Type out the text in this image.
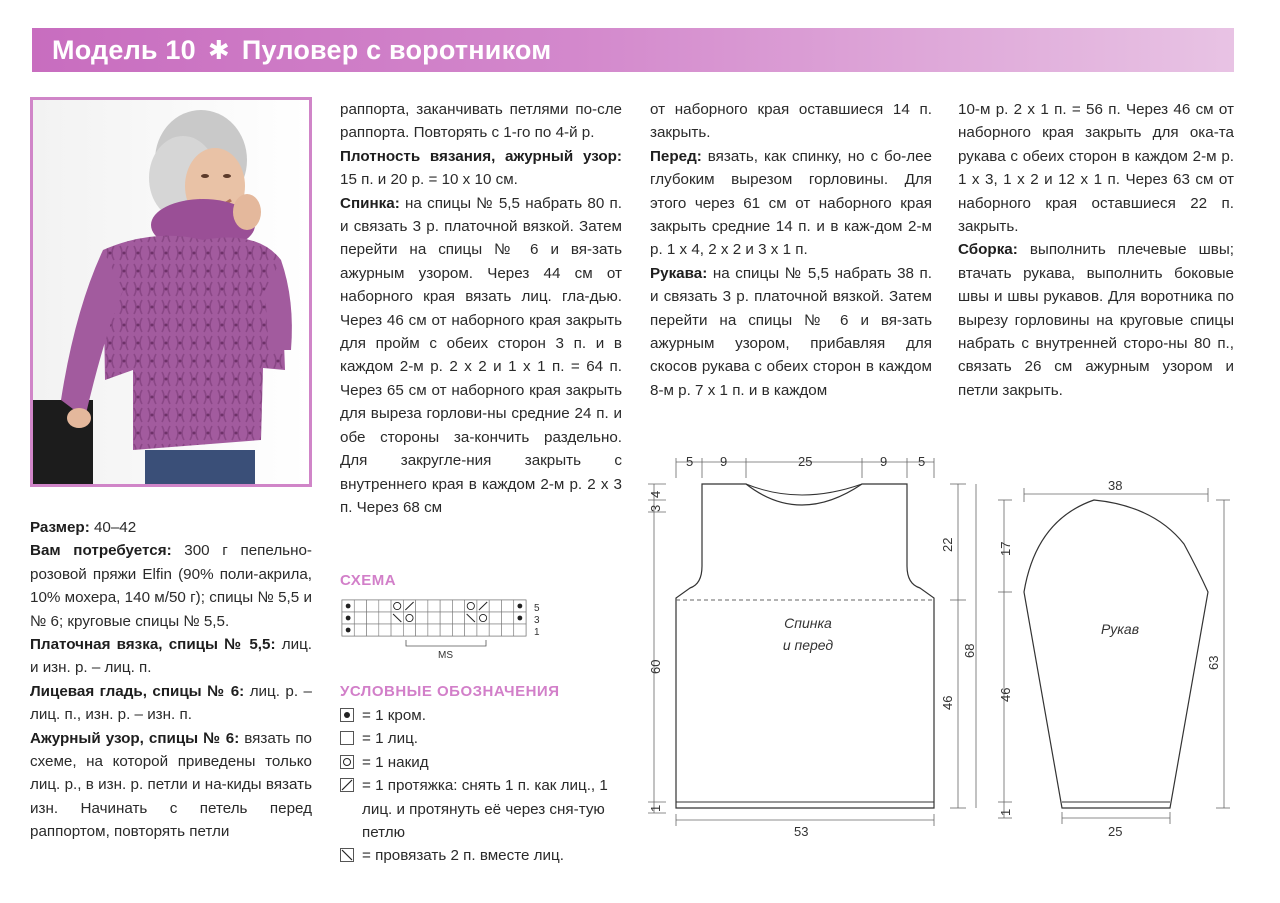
Модель 10 ✱ Пуловер с воротником

Размер: 40–42

Вам потребуется: 300 г пепельно-розовой пряжи Elfin (90% поли-акрила, 10% мохера, 140 м/50 г); спицы № 5,5 и № 6; круговые спицы № 5,5.

Платочная вязка, спицы № 5,5: лиц. и изн. р. – лиц. п.

Лицевая гладь, спицы № 6: лиц. р. – лиц. п., изн. р. – изн. п.

Ажурный узор, спицы № 6: вязать по схеме, на которой приведены только лиц. р., в изн. р. петли и на-киды вязать изн. Начинать с петель перед раппортом, повторять петли

раппорта, заканчивать петлями по-сле раппорта. Повторять с 1-го по 4-й р.

Плотность вязания, ажурный узор: 15 п. и 20 р. = 10 х 10 см.

Спинка: на спицы № 5,5 набрать 80 п. и связать 3 р. платочной вязкой. Затем перейти на спицы № 6 и вя-зать ажурным узором. Через 44 см от наборного края вязать лиц. гла-дью. Через 46 см от наборного края закрыть для пройм с обеих сторон 3 п. и в каждом 2-м р. 2 х 2 и 1 х 1 п. = 64 п. Через 65 см от наборного края закрыть для выреза горлови-ны средние 24 п. и обе стороны за-кончить раздельно. Для закругле-ния закрыть с внутреннего края в каждом 2-м р. 2 х 3 п. Через 68 см

от наборного края оставшиеся 14 п. закрыть.

Перед: вязать, как спинку, но с бо-лее глубоким вырезом горловины. Для этого через 61 см от наборного края закрыть средние 14 п. и в каж-дом 2-м р. 1 х 4, 2 х 2 и 3 х 1 п.

Рукава: на спицы № 5,5 набрать 38 п. и связать 3 р. платочной вязкой. Затем перейти на спицы № 6 и вя-зать ажурным узором, прибавляя для скосов рукава с обеих сторон в каждом 8-м р. 7 х 1 п. и в каждом

10-м р. 2 х 1 п. = 56 п. Через 46 см от наборного края закрыть для ока-та рукава с обеих сторон в каждом 2-м р. 1 х 3, 1 х 2 и 12 х 1 п. Через 63 см от наборного края оставшиеся 22 п. закрыть.

Сборка: выполнить плечевые швы; втачать рукава, выполнить боковые швы и швы рукавов. Для воротника по вырезу горловины на круговые спицы набрать с внутренней сторо-ны 80 п., связать 26 см ажурным узором и петли закрыть.

СХЕМА
5
3
1
MS
УСЛОВНЫЕ ОБОЗНАЧЕНИЯ
= 1 кром.
= 1 лиц.
= 1 накид
= 1 протяжка: снять 1 п. как лиц., 1 лиц. и протянуть её через сня-тую петлю
= провязать 2 п. вместе лиц.
5 9	25	9 5
4
3
60
1
22
46
68
53
Спинка
и перед
38
17
46
1
63
25
Рукав
